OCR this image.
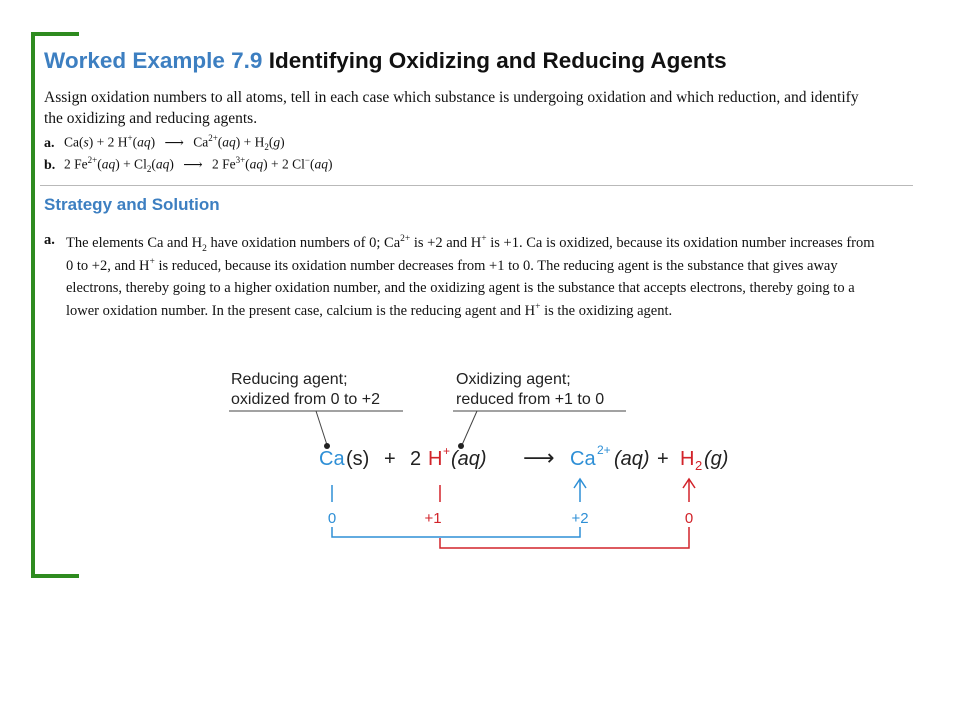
Worked Example 7.9 Identifying Oxidizing and Reducing Agents
Assign oxidation numbers to all atoms, tell in each case which substance is undergoing oxidation and which reduction, and identify the oxidizing and reducing agents.
a. Ca(s) + 2 H+(aq) ⟶ $Ca^{2+}(aq) + H_2(g)$
b. 2 $Fe^{2+}(aq) + Cl_2(aq)$ ⟶ 2 $Fe^{3+}(aq) + 2$ Cl−(aq)
Strategy and Solution
a. The elements Ca and $H_2$ have oxidation numbers of 0; $Ca^{2+}$ is +2 and H+ is +1. Ca is oxidized, because its oxidation number increases from 0 to +2, and H+ is reduced, because its oxidation number decreases from +1 to 0. The reducing agent is the substance that gives away electrons, thereby going to a higher oxidation number, and the oxidizing agent is the substance that accepts electrons, thereby going to a lower oxidation number. In the present case, calcium is the reducing agent and H+ is the oxidizing agent.
Reducing agent;
oxidized from 0 to +2
Oxidizing agent;
reduced from +1 to 0
Ca (s) + 2 H + (aq) ⟶ Ca 2+ (aq) + H 2 (g)
0	+1	+2	0
